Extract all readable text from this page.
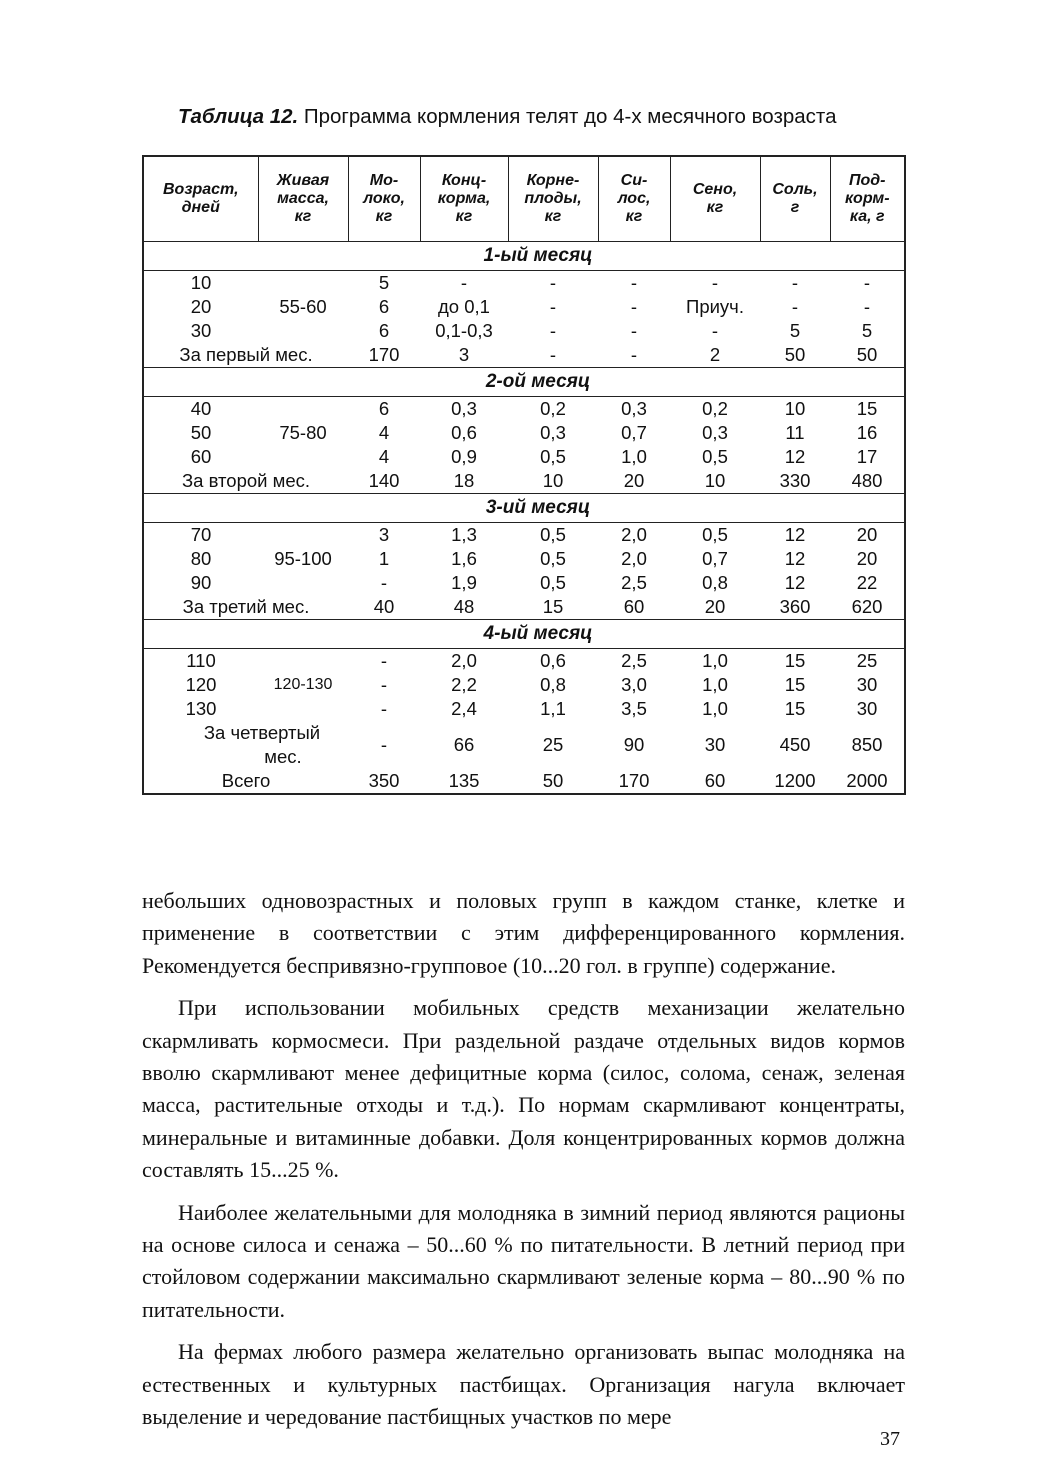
Таблица 12. Программа кормления телят до 4-х месячного возраста
Возраст,
дней	Живая
масса,
кг	Мо-
локо,
кг	Конц-
корма,
кг	Корне-
плоды,
кг	Си-
лос,
кг	Сено,
кг	Соль,
г	Под-
корм-
ка, г
1-ый месяц								
10	55-60	5	-	-	-	-	-	-
20		6	до 0,1	-	-	Приуч.	-	-
30		6	0,1-0,3	-	-	-	5	5
За первый мес.		170	3	-	-	2	50	50
2-ой месяц								
40	75-80	6	0,3	0,2	0,3	0,2	10	15
50		4	0,6	0,3	0,7	0,3	11	16
60		4	0,9	0,5	1,0	0,5	12	17
За второй мес.		140	18	10	20	10	330	480
3-ий месяц								
70	95-100	3	1,3	0,5	2,0	0,5	12	20
80		1	1,6	0,5	2,0	0,7	12	20
90		-	1,9	0,5	2,5	0,8	12	22
За третий мес.		40	48	15	60	20	360	620
4-ый месяц								
110	120-130	-	2,0	0,6	2,5	1,0	15	25
120		-	2,2	0,8	3,0	1,0	15	30
130		-	2,4	1,1	3,5	1,0	15	30
За четвертый
мес.		-	66	25	90	30	450	850
Всего		350	135	50	170	60	1200	2000

небольших одновозрастных и половых групп в каждом станке, клетке и применение в соответствии с этим дифференцированного кормления. Рекомендуется беспривязно-групповое (10...20 гол. в группе) содержание.

При использовании мобильных средств механизации желательно скармливать кормосмеси. При раздельной раздаче отдельных видов кормов вволю скармливают менее дефицитные корма (силос, солома, сенаж, зеленая масса, растительные отходы и т.д.). По нормам скармливают концентраты, минеральные и витаминные добавки. Доля концентрированных кормов должна составлять 15...25 %.

Наиболее желательными для молодняка в зимний период являются рационы на основе силоса и сенажа – 50...60 % по питательности. В летний период при стойловом содержании максимально скармливают зеленые корма – 80...90 % по питательности.

На фермах любого размера желательно организовать выпас молодняка на естественных и культурных пастбищах. Организация нагула включает выделение и чередование пастбищных участков по мере

37
